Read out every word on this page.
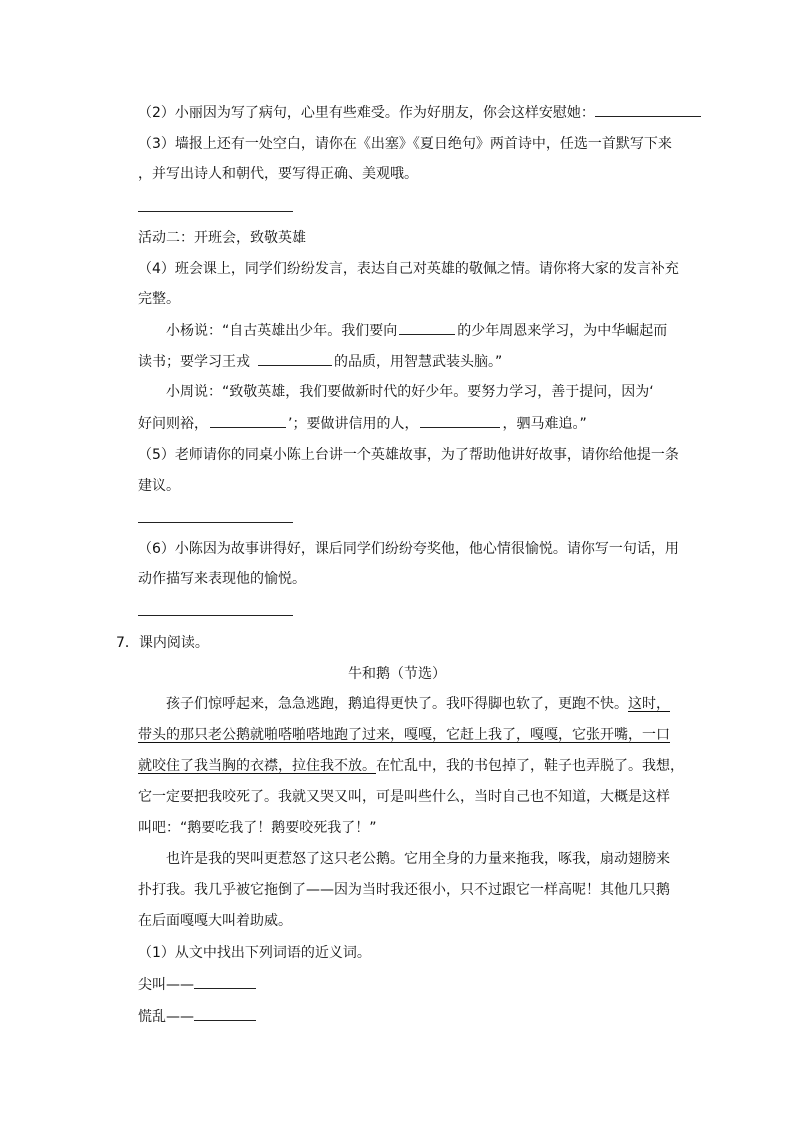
（2）小丽因为写了病句，心里有些难受。作为好朋友，你会这样安慰她：
（3）墙报上还有一处空白，请你在《出塞》《夏日绝句》两首诗中，任选一首默写下来
，并写出诗人和朝代，要写得正确、美观哦。
活动二：开班会，致敬英雄
（4）班会课上，同学们纷纷发言，表达自己对英雄的敬佩之情。请你将大家的发言补充
完整。
小杨说：“自古英雄出少年。我们要向	的少年周恩来学习，为中华崛起而
读书；要学习王戎	的品质，用智慧武装头脑。”
小周说：“致敬英雄，我们要做新时代的好少年。要努力学习，善于提问，因为‘
好问则裕，	’；要做讲信用的人，	，驷马难追。”
（5）老师请你的同桌小陈上台讲一个英雄故事，为了帮助他讲好故事，请你给他提一条
建议。
（6）小陈因为故事讲得好，课后同学们纷纷夸奖他，他心情很愉悦。请你写一句话，用
动作描写来表现他的愉悦。
7．课内阅读。
牛和鹅（节选）
孩子们惊呼起来，急急逃跑，鹅追得更快了。我吓得脚也软了，更跑不快。这时，
带头的那只老公鹅就啪嗒啪嗒地跑了过来，嘎嘎，它赶上我了，嘎嘎，它张开嘴，一口
就咬住了我当胸的衣襟，拉住我不放。在忙乱中，我的书包掉了，鞋子也弄脱了。我想，
它一定要把我咬死了。我就又哭又叫，可是叫些什么，当时自己也不知道，大概是这样
叫吧：“鹅要吃我了！鹅要咬死我了！”
也许是我的哭叫更惹怒了这只老公鹅。它用全身的力量来拖我，啄我，扇动翅膀来
扑打我。我几乎被它拖倒了——因为当时我还很小，只不过跟它一样高呢！其他几只鹅
在后面嘎嘎大叫着助威。
（1）从文中找出下列词语的近义词。
尖叫——
慌乱——
